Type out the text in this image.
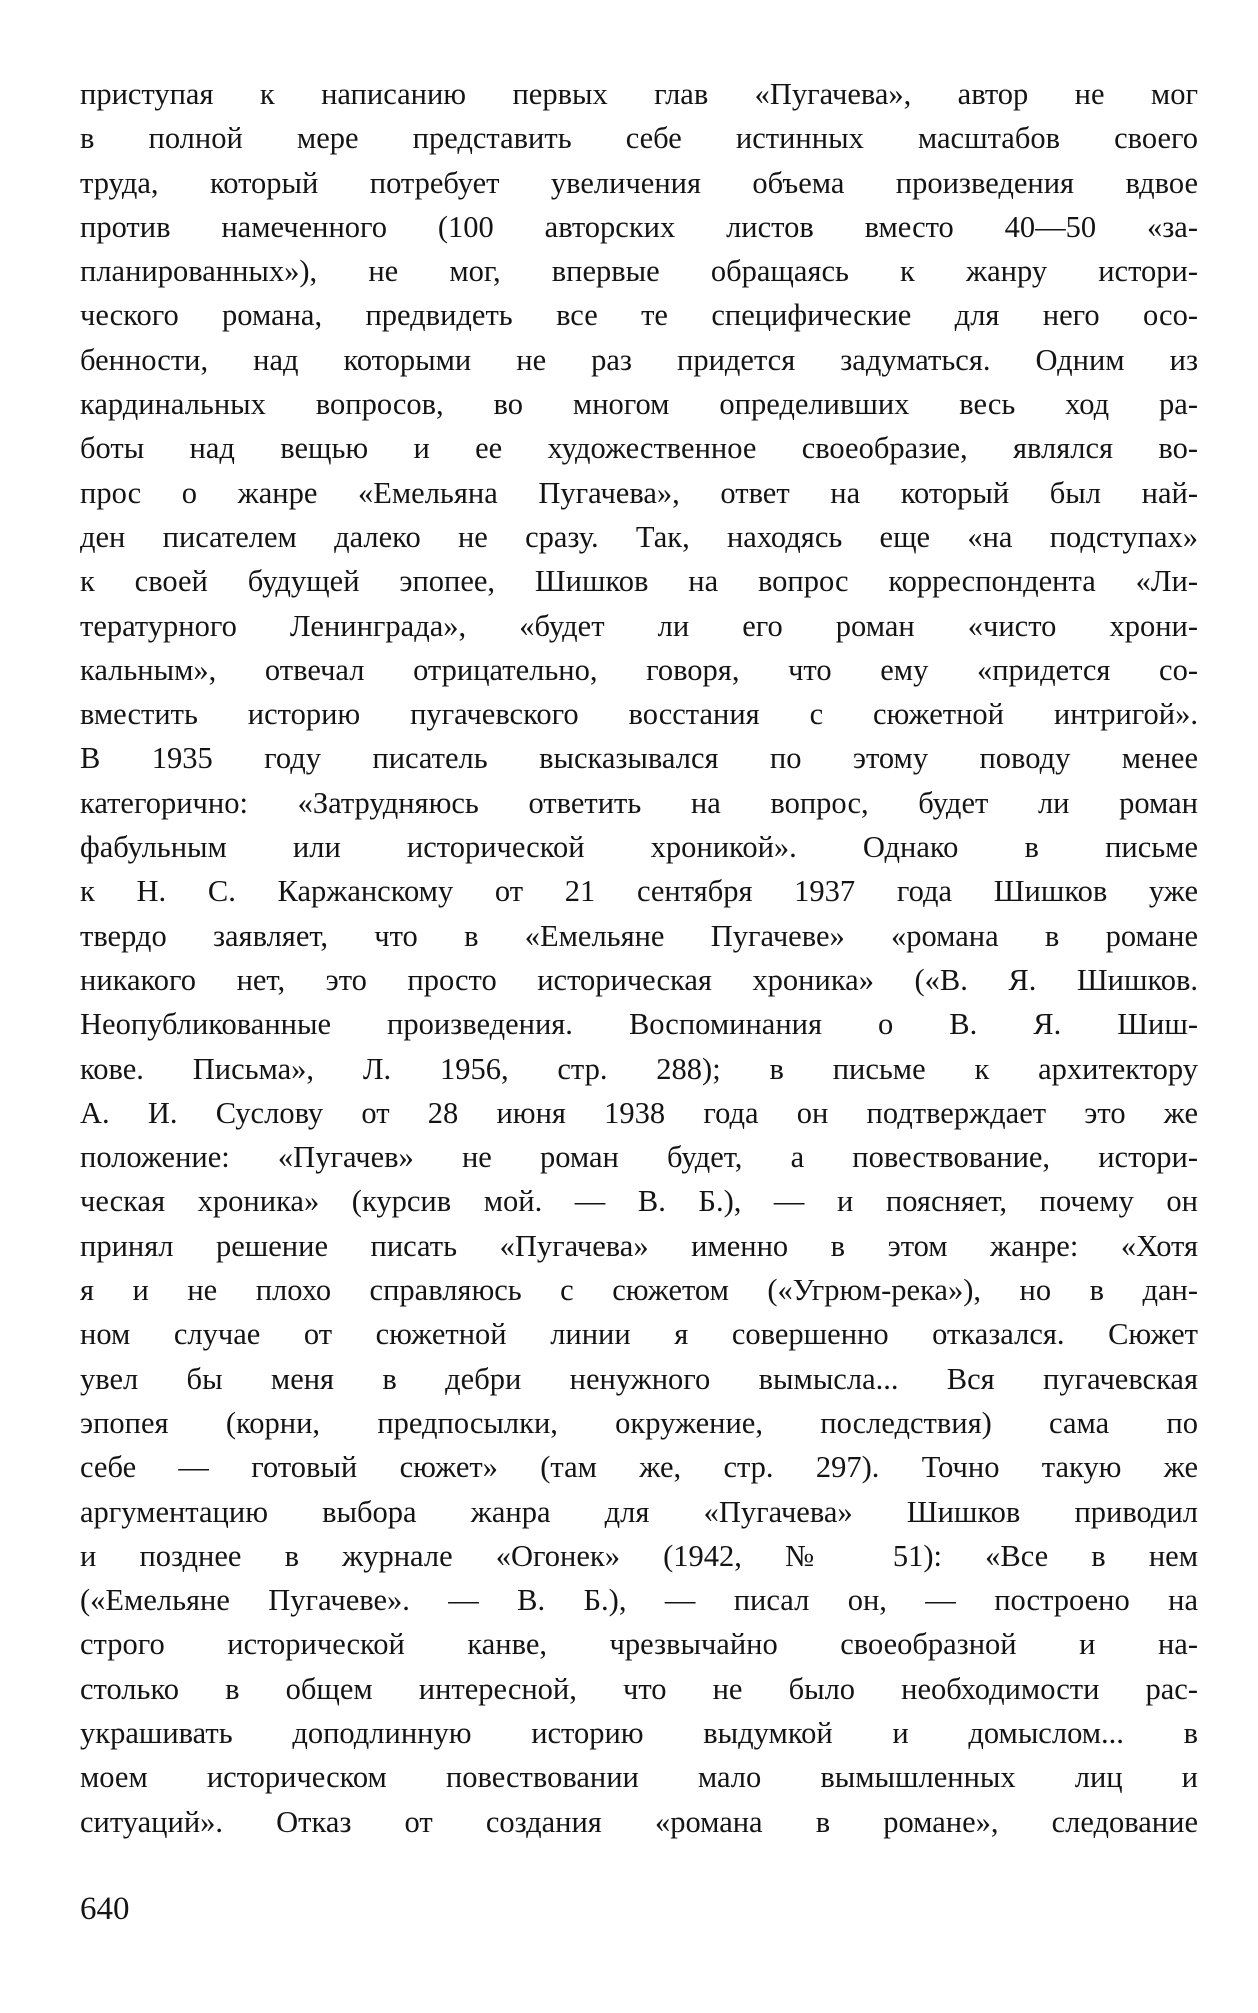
приступая к написанию первых глав «Пугачева», автор не мог
в полной мере представить себе истинных масштабов своего
труда, который потребует увеличения объема произведения вдвое
против намеченного (100 авторских листов вместо 40—50 «за-
планированных»), не мог, впервые обращаясь к жанру истори-
ческого романа, предвидеть все те специфические для него осо-
бенности, над которыми не раз придется задуматься. Одним из
кардинальных вопросов, во многом определивших весь ход ра-
боты над вещью и ее художественное своеобразие, являлся во-
прос о жанре «Емельяна Пугачева», ответ на который был най-
ден писателем далеко не сразу. Так, находясь еще «на подступах»
к своей будущей эпопее, Шишков на вопрос корреспондента «Ли-
тературного Ленинграда», «будет ли его роман «чисто хрони-
кальным», отвечал отрицательно, говоря, что ему «придется со-
вместить историю пугачевского восстания с сюжетной интригой».
В 1935 году писатель высказывался по этому поводу менее
категорично: «Затрудняюсь ответить на вопрос, будет ли роман
фабульным или исторической хроникой». Однако в письме
к Н. С. Каржанскому от 21 сентября 1937 года Шишков уже
твердо заявляет, что в «Емельяне Пугачеве» «романа в романе
никакого нет, это просто историческая хроника» («В. Я. Шишков.
Неопубликованные произведения. Воспоминания о В. Я. Шиш-
кове. Письма», Л. 1956, стр. 288); в письме к архитектору
А. И. Суслову от 28 июня 1938 года он подтверждает это же
положение: «Пугачев» не роман будет, а повествование, истори-
ческая хроника» (курсив мой. — В. Б.), — и поясняет, почему он
принял решение писать «Пугачева» именно в этом жанре: «Хотя
я и не плохо справляюсь с сюжетом («Угрюм-река»), но в дан-
ном случае от сюжетной линии я совершенно отказался. Сюжет
увел бы меня в дебри ненужного вымысла... Вся пугачевская
эпопея (корни, предпосылки, окружение, последствия) сама по
себе — готовый сюжет» (там же, стр. 297). Точно такую же
аргументацию выбора жанра для «Пугачева» Шишков приводил
и позднее в журнале «Огонек» (1942, № 51): «Все в нем
(«Емельяне Пугачеве». — В. Б.), — писал он, — построено на
строго исторической канве, чрезвычайно своеобразной и на-
столько в общем интересной, что не было необходимости рас-
украшивать доподлинную историю выдумкой и домыслом... в
моем историческом повествовании мало вымышленных лиц и
ситуаций». Отказ от создания «романа в романе», следование
640
